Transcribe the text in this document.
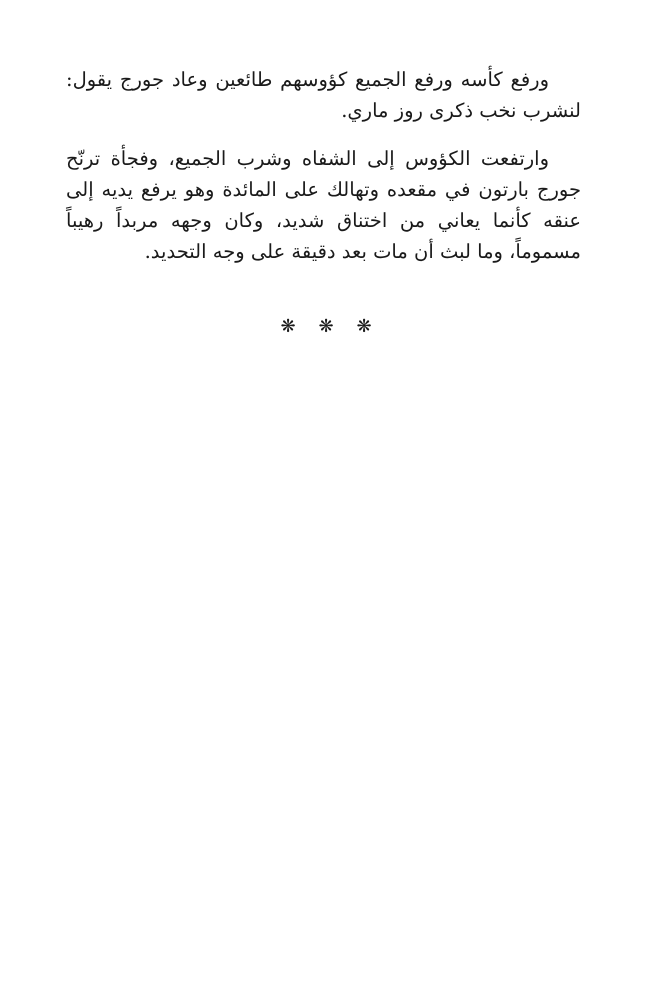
ورفع كأسه ورفع الجميع كؤوسهم طائعين وعاد جورج يقول: لنشرب نخب ذكرى روز ماري.

وارتفعت الكؤوس إلى الشفاه وشرب الجميع، وفجأة ترنّح جورج بارتون في مقعده وتهالك على المائدة وهو يرفع يديه إلى عنقه كأنما يعاني من اختناق شديد، وكان وجهه مربداً رهيباً مسموماً، وما لبث أن مات بعد دقيقة على وجه التحديد.

❋ ❋ ❋
